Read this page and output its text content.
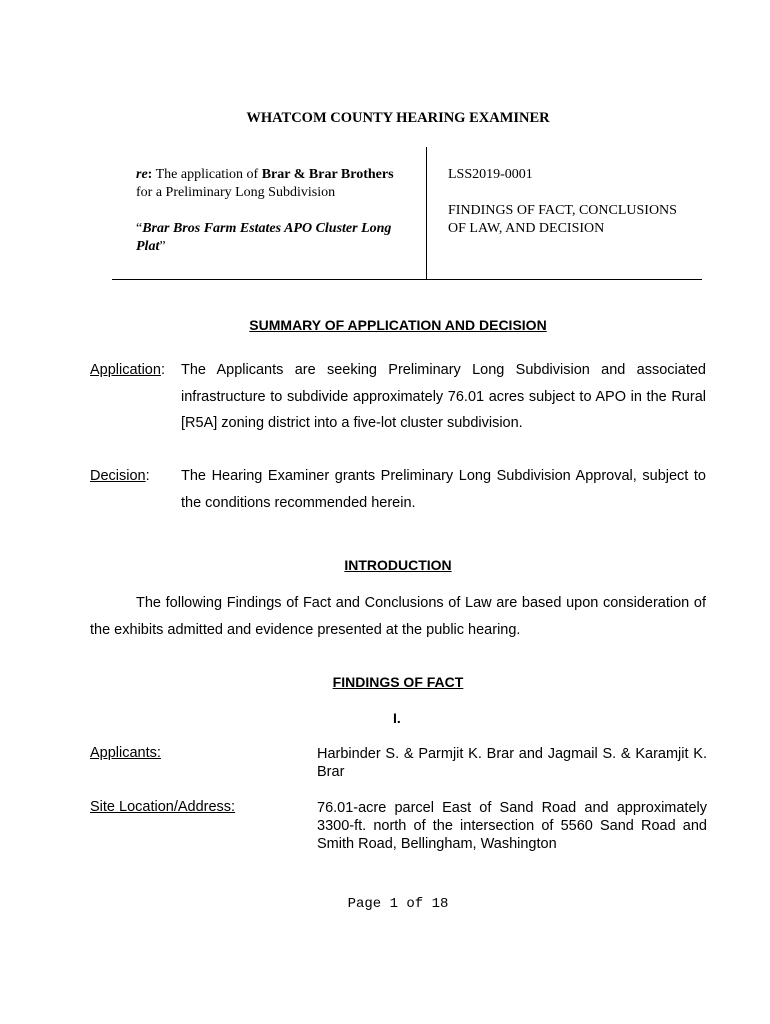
WHATCOM COUNTY HEARING EXAMINER

re: The application of Brar & Brar Brothers for a Preliminary Long Subdivision

“Brar Bros Farm Estates APO Cluster Long Plat”

LSS2019-0001

FINDINGS OF FACT, CONCLUSIONS OF LAW, AND DECISION

SUMMARY OF APPLICATION AND DECISION
Application: The Applicants are seeking Preliminary Long Subdivision and associated infrastructure to subdivide approximately 76.01 acres subject to APO in the Rural [R5A] zoning district into a five-lot cluster subdivision.
Decision: The Hearing Examiner grants Preliminary Long Subdivision Approval, subject to the conditions recommended herein.
INTRODUCTION
The following Findings of Fact and Conclusions of Law are based upon consideration of the exhibits admitted and evidence presented at the public hearing.
FINDINGS OF FACT
I.
Applicants:	Harbinder S. & Parmjit K. Brar and Jagmail S. & Karamjit K. Brar
Site Location/Address:	76.01-acre parcel East of Sand Road and approximately 3300-ft. north of the intersection of 5560 Sand Road and Smith Road, Bellingham, Washington
Page 1 of 18
